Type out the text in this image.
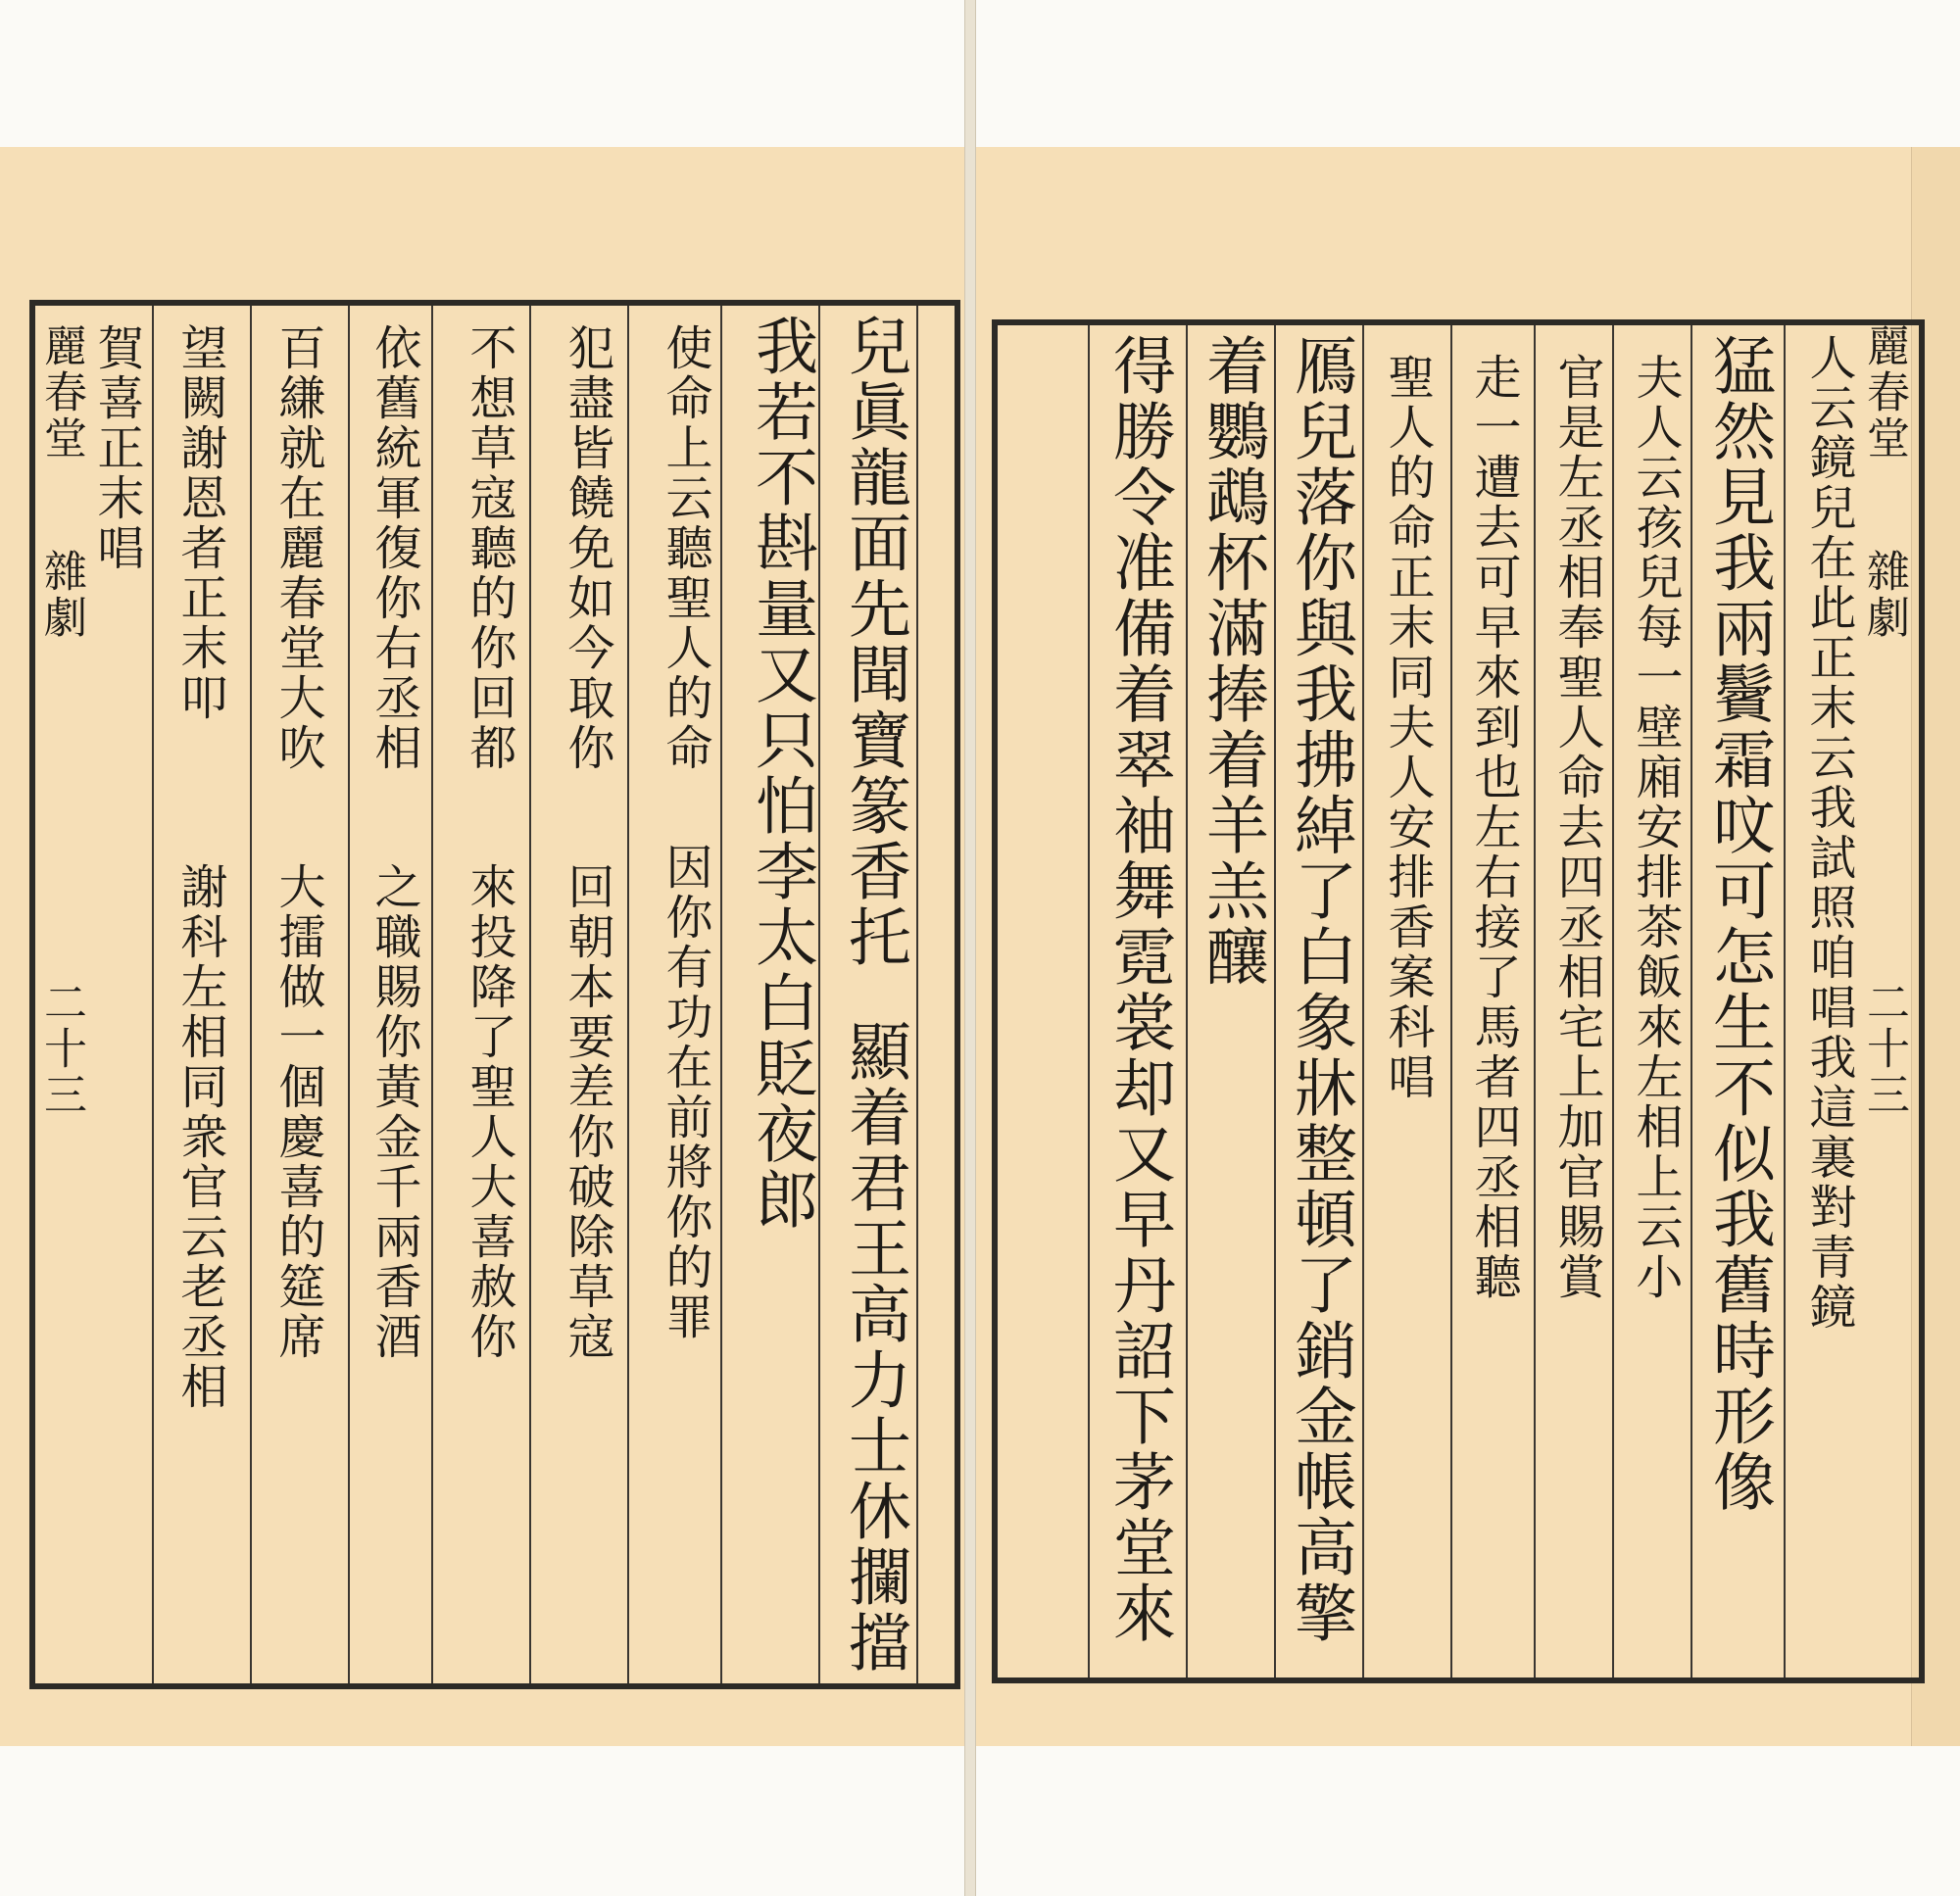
麗春堂
雜劇
二十三
兒眞龍面先聞寶篆香托
顯着君王高力士休攔擋
我若不斟量又只怕李太白貶夜郎
使命上云聽聖人的命
因你有功在前將你的罪
犯盡皆饒免如今取你
回朝本要差你破除草寇
不想草寇聽的你回都
來投降了聖人大喜赦你
依舊統軍復你右丞相
之職賜你黃金千兩香酒
百縑就在麗春堂大吹
大擂做一個慶喜的筵席
望闕謝恩者正末叩
謝科左相同衆官云老丞相
賀喜正末唱	麗春堂
雜劇
二十三
人云鏡兒在此正末云我試照咱唱我這裏對青鏡
猛然見我兩鬢霜呅可怎生不似我舊時形像
夫人云孩兒每一壁廂安排茶飯來左相上云小
官是左丞相奉聖人命去四丞相宅上加官賜賞
走一遭去可早來到也左右接了馬者四丞相聽
聖人的命正末同夫人安排香案科唱
鴈兒落你與我拂綽了白象牀整頓了銷金帳高擎
着鸚鵡杯滿捧着羊羔釀
得勝令准備着翠袖舞霓裳却又早丹詔下茅堂來
